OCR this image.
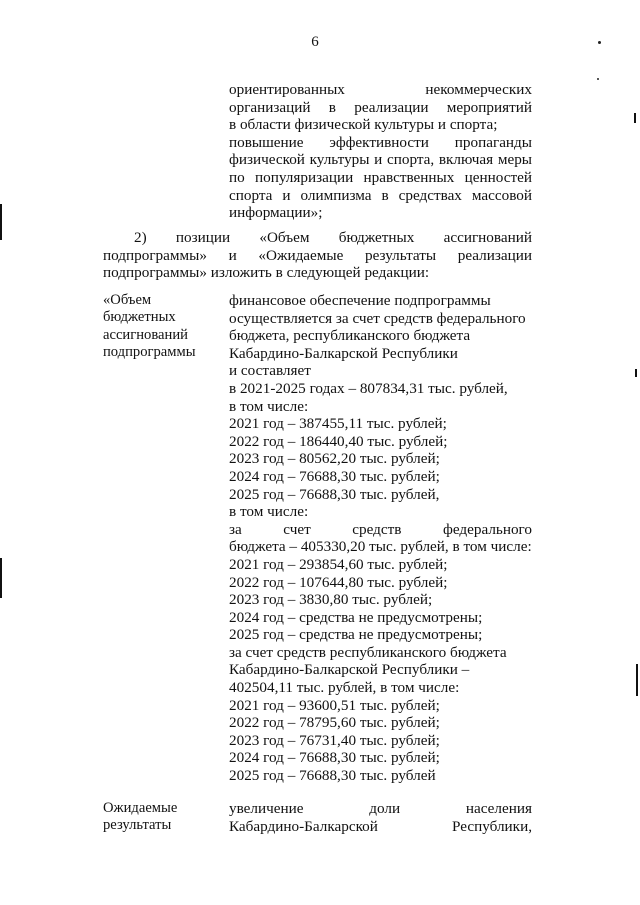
6
ориентированных некоммерческих
организаций в реализации мероприятий
в области физической культуры и спорта;
повышение эффективности пропаганды
физической культуры и спорта, включая меры
по популяризации нравственных ценностей
спорта и олимпизма в средствах массовой
информации»;
2) позиции «Объем бюджетных ассигнований подпрограммы» и «Ожидаемые результаты реализации подпрограммы» изложить в следующей редакции:
«Объем
бюджетных
ассигнований
подпрограммы
финансовое обеспечение подпрограммы
осуществляется за счет средств федерального
бюджета, республиканского бюджета
Кабардино-Балкарской Республики
и составляет
в 2021-2025 годах – 807834,31 тыс. рублей,
в том числе:
2021 год – 387455,11 тыс. рублей;
2022 год – 186440,40 тыс. рублей;
2023 год – 80562,20 тыс. рублей;
2024 год – 76688,30 тыс. рублей;
2025 год – 76688,30 тыс. рублей,
в том числе:
за счет средств федерального
бюджета – 405330,20 тыс. рублей, в том числе:
2021 год – 293854,60 тыс. рублей;
2022 год – 107644,80 тыс. рублей;
2023 год – 3830,80 тыс. рублей;
2024 год – средства не предусмотрены;
2025 год – средства не предусмотрены;
за счет средств республиканского бюджета
Кабардино-Балкарской Республики –
402504,11 тыс. рублей, в том числе:
2021 год – 93600,51 тыс. рублей;
2022 год – 78795,60 тыс. рублей;
2023 год – 76731,40 тыс. рублей;
2024 год – 76688,30 тыс. рублей;
2025 год – 76688,30 тыс. рублей
Ожидаемые
результаты
увеличение доли населения
Кабардино-Балкарской Республики,
